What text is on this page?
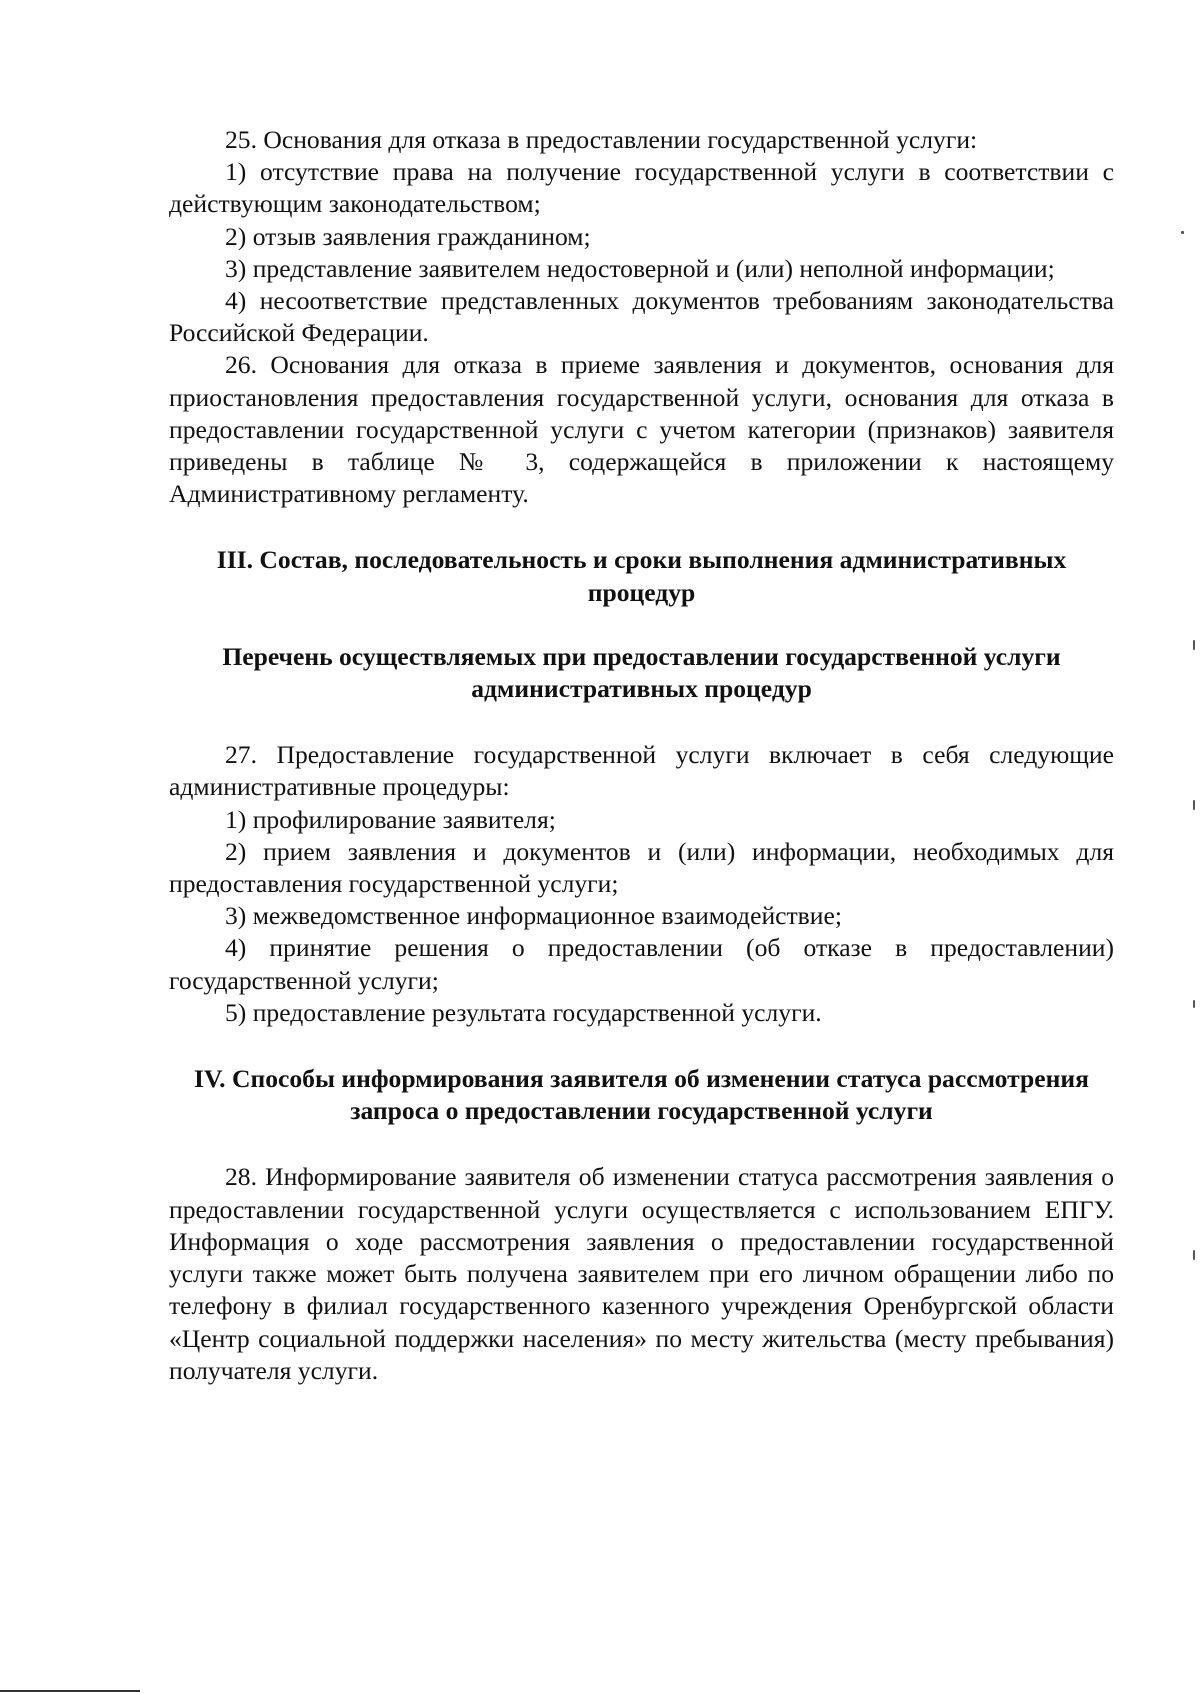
25. Основания для отказа в предоставлении государственной услуги:

1) отсутствие права на получение государственной услуги в соответствии с действующим законодательством;

2) отзыв заявления гражданином;

3) представление заявителем недостоверной и (или) неполной информации;

4) несоответствие представленных документов требованиям законодательства Российской Федерации.

26. Основания для отказа в приеме заявления и документов, основания для приостановления предоставления государственной услуги, основания для отказа в предоставлении государственной услуги с учетом категории (признаков) заявителя приведены в таблице № 3, содержащейся в приложении к настоящему Административному регламенту.

III. Состав, последовательность и сроки выполнения административных процедур
Перечень осуществляемых при предоставлении государственной услуги административных процедур

27. Предоставление государственной услуги включает в себя следующие административные процедуры:

1) профилирование заявителя;

2) прием заявления и документов и (или) информации, необходимых для предоставления государственной услуги;

3) межведомственное информационное взаимодействие;

4) принятие решения о предоставлении (об отказе в предоставлении) государственной услуги;

5) предоставление результата государственной услуги.

IV. Способы информирования заявителя об изменении статуса рассмотрения запроса о предоставлении государственной услуги

28. Информирование заявителя об изменении статуса рассмотрения заявления о предоставлении государственной услуги осуществляется с использованием ЕПГУ. Информация о ходе рассмотрения заявления о предоставлении государственной услуги также может быть получена заявителем при его личном обращении либо по телефону в филиал государственного казенного учреждения Оренбургской области «Центр социальной поддержки населения» по месту жительства (месту пребывания) получателя услуги.
